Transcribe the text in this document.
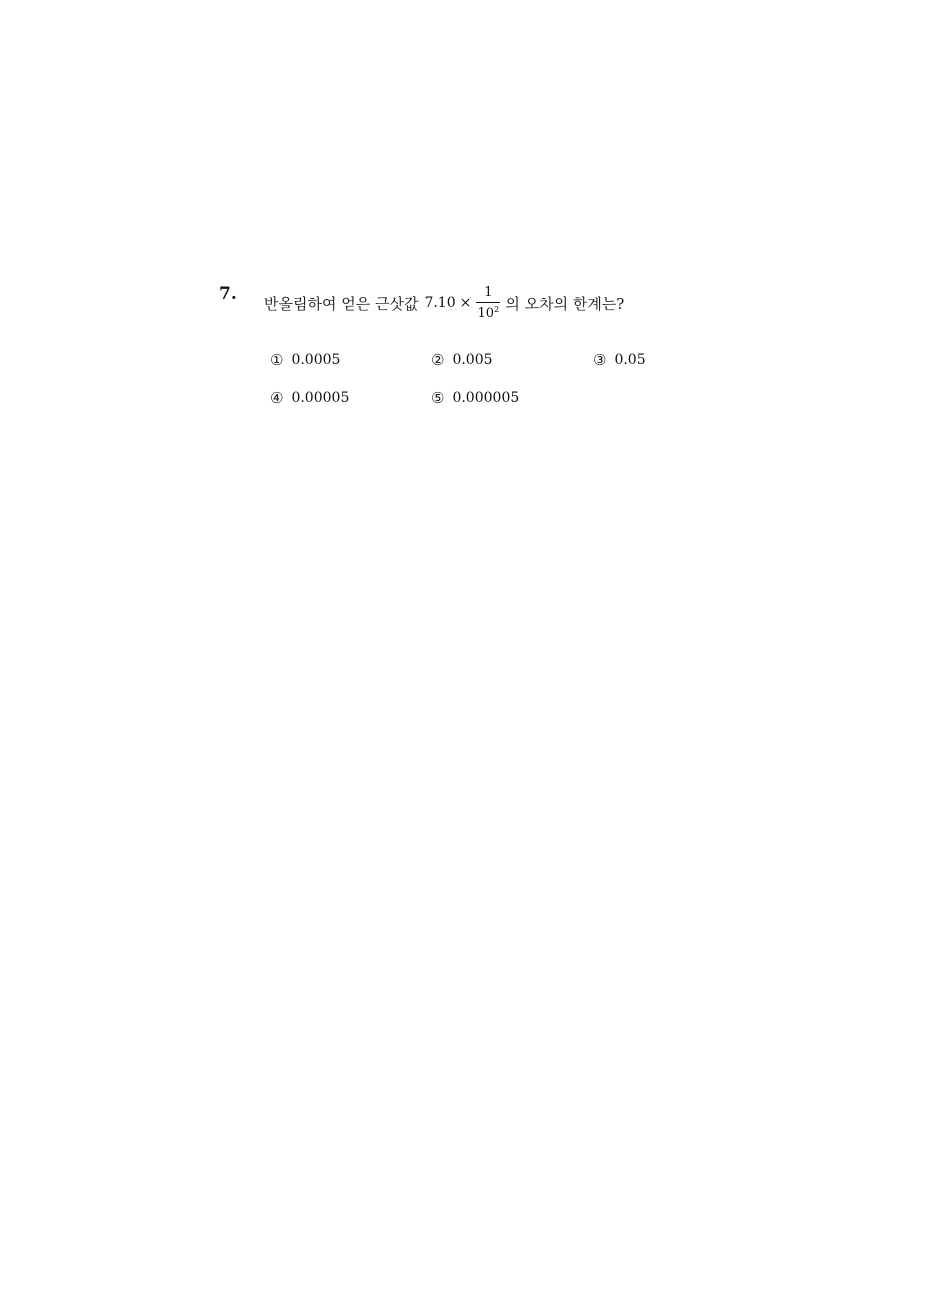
7. 반올림하여 얻은 근삿값 $7.10 \times \frac{1}{10^2}$ 의 오차의 한계는?
① 0.0005	② 0.005	③ 0.05
④ 0.00005	⑤ 0.000005
